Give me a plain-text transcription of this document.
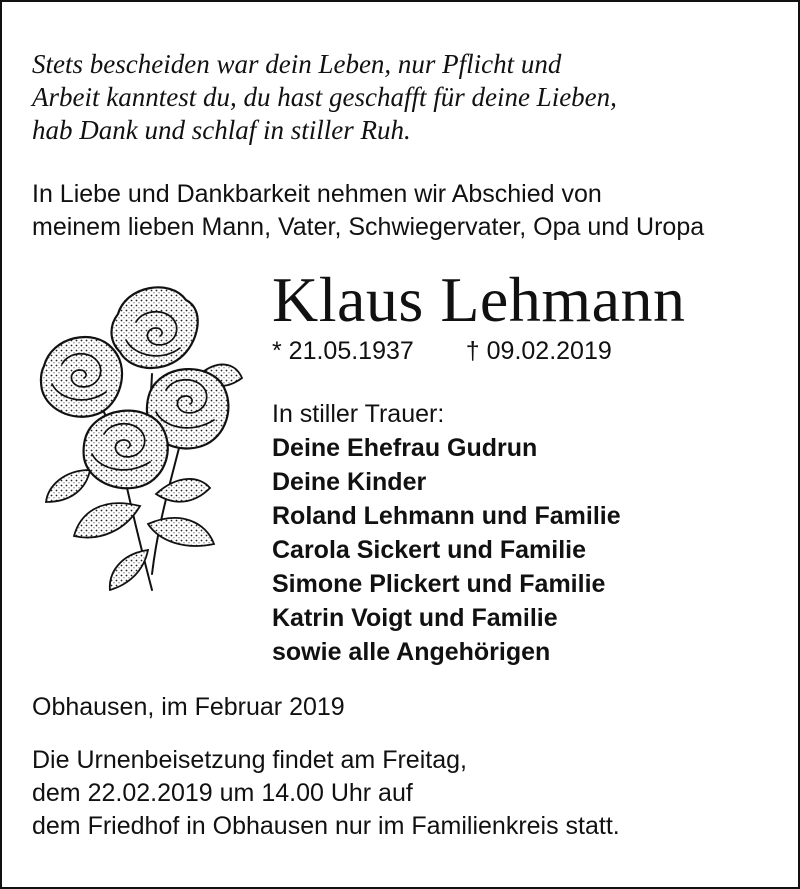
Stets bescheiden war dein Leben, nur Pflicht und
Arbeit kanntest du, du hast geschafft für deine Lieben,
hab Dank und schlaf in stiller Ruh.
In Liebe und Dankbarkeit nehmen wir Abschied von
meinem lieben Mann, Vater, Schwiegervater, Opa und Uropa
Klaus Lehmann
* 21.05.1937 † 09.02.2019
In stiller Trauer:
Deine Ehefrau Gudrun
Deine Kinder
Roland Lehmann und Familie
Carola Sickert und Familie
Simone Plickert und Familie
Katrin Voigt und Familie
sowie alle Angehörigen
Obhausen, im Februar 2019
Die Urnenbeisetzung findet am Freitag,
dem 22.02.2019 um 14.00 Uhr auf
dem Friedhof in Obhausen nur im Familienkreis statt.
